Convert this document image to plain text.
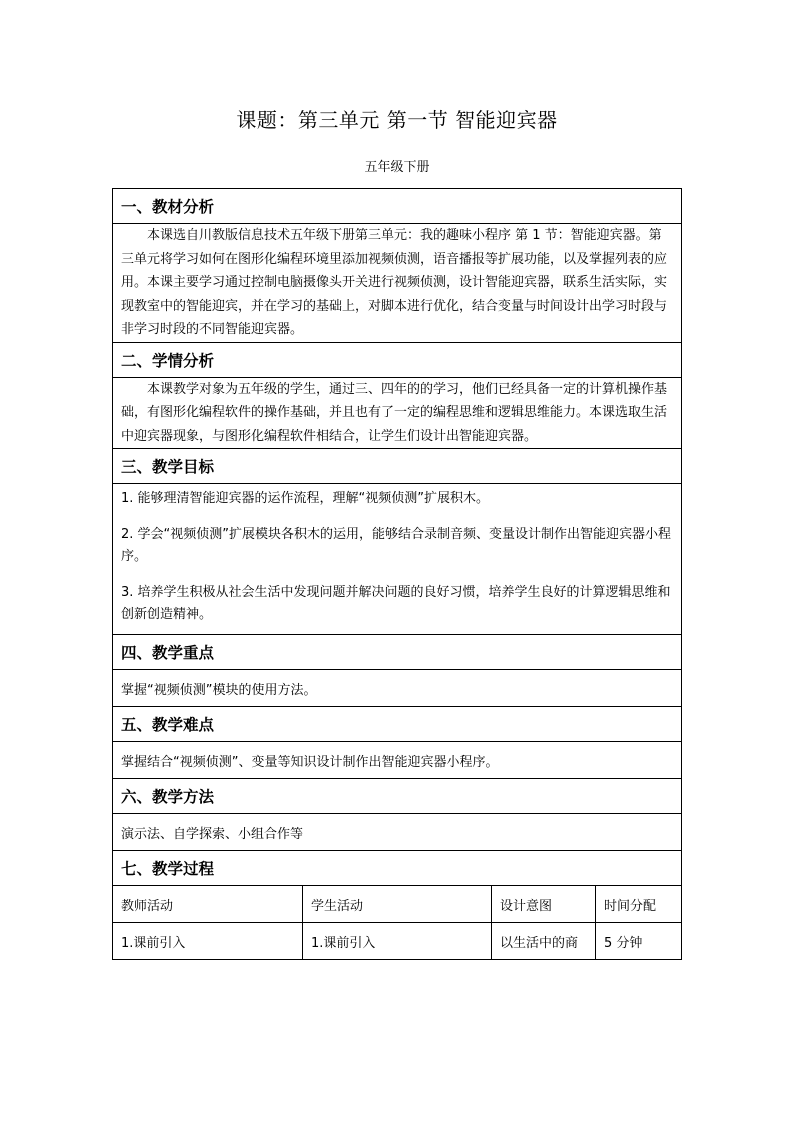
课题：第三单元 第一节 智能迎宾器
五年级下册
一、教材分析			
本课选自川教版信息技术五年级下册第三单元：我的趣味小程序 第 1 节：智能迎宾器。第三单元将学习如何在图形化编程环境里添加视频侦测，语音播报等扩展功能，以及掌握列表的应用。本课主要学习通过控制电脑摄像头开关进行视频侦测，设计智能迎宾器，联系生活实际，实现教室中的智能迎宾，并在学习的基础上，对脚本进行优化，结合变量与时间设计出学习时段与非学习时段的不同智能迎宾器。			
二、学情分析			
本课教学对象为五年级的学生，通过三、四年的的学习，他们已经具备一定的计算机操作基础，有图形化编程软件的操作基础，并且也有了一定的编程思维和逻辑思维能力。本课选取生活中迎宾器现象，与图形化编程软件相结合，让学生们设计出智能迎宾器。			
三、教学目标			

1. 能够理清智能迎宾器的运作流程，理解“视频侦测”扩展积木。
2. 学会“视频侦测”扩展模块各积木的运用，能够结合录制音频、变量设计制作出智能迎宾器小程序。
3. 培养学生积极从社会生活中发现问题并解决问题的良好习惯，培养学生良好的计算逻辑思维和创新创造精神。			

四、教学重点			
掌握“视频侦测”模块的使用方法。			
五、教学难点			
掌握结合“视频侦测”、变量等知识设计制作出智能迎宾器小程序。			
六、教学方法			
演示法、自学探索、小组合作等			
七、教学过程			
教师活动	学生活动	设计意图	时间分配
1.课前引入	1.课前引入	以生活中的商	5 分钟
